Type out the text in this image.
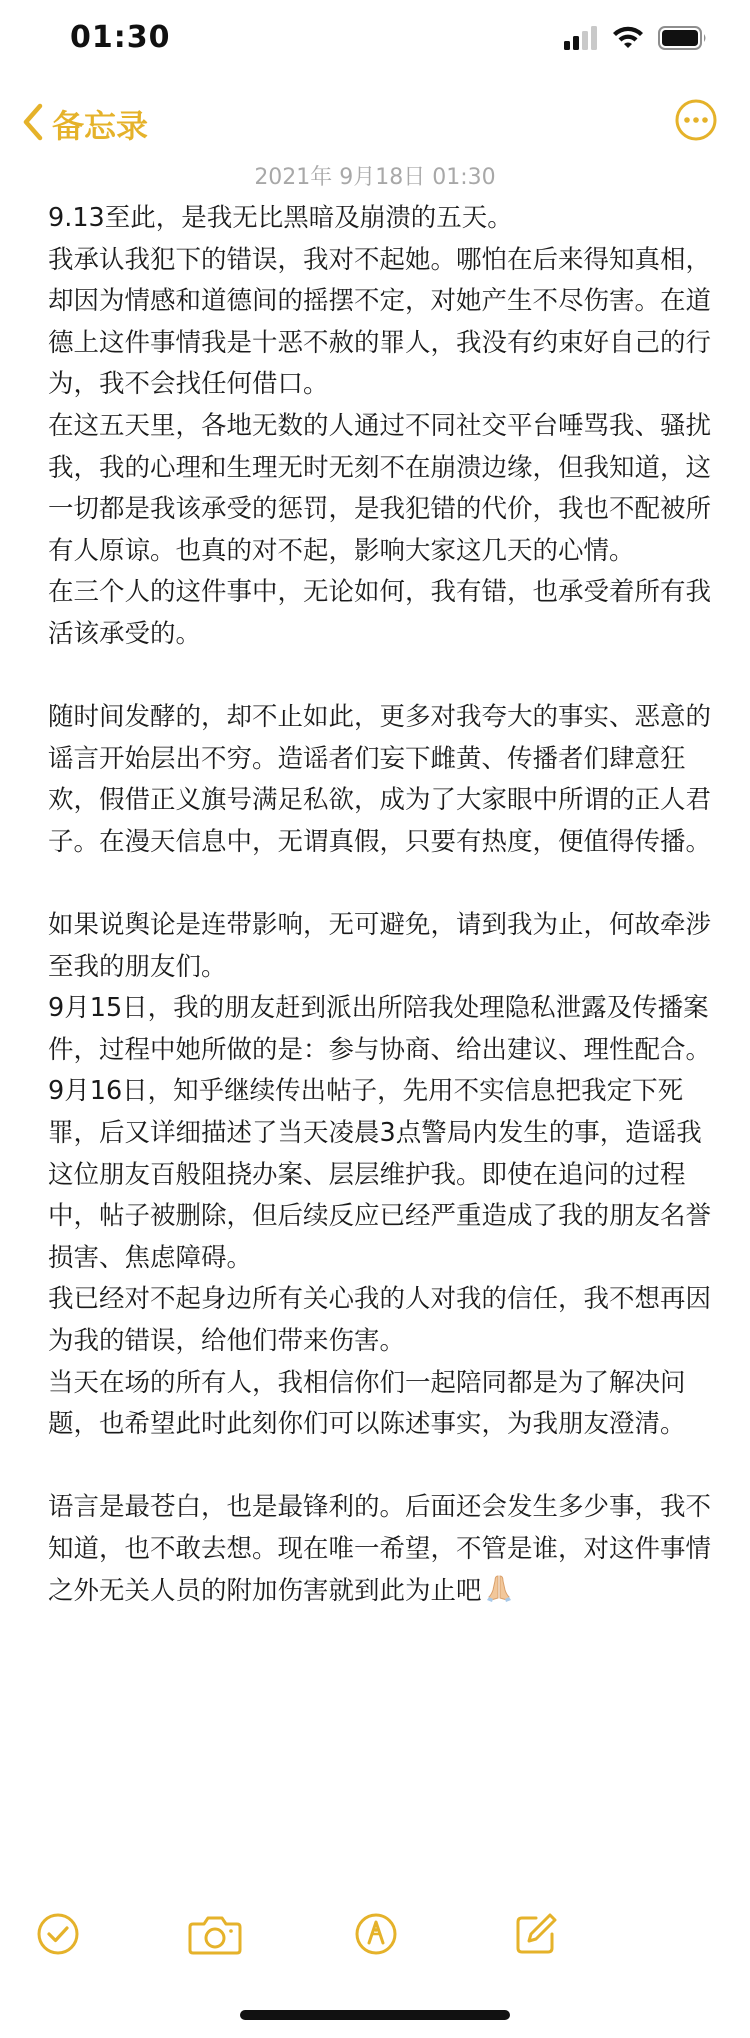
01:30
备忘录
2021年 9月18日 01:30

9.13至此，是我无比黑暗及崩溃的五天。

我承认我犯下的错误，我对不起她。哪怕在后来得知真相，却因为情感和道德间的摇摆不定，对她产生不尽伤害。在道德上这件事情我是十恶不赦的罪人，我没有约束好自己的行为，我不会找任何借口。

在这五天里，各地无数的人通过不同社交平台唾骂我、骚扰我，我的心理和生理无时无刻不在崩溃边缘，但我知道，这一切都是我该承受的惩罚，是我犯错的代价，我也不配被所有人原谅。也真的对不起，影响大家这几天的心情。

在三个人的这件事中，无论如何，我有错，也承受着所有我活该承受的。

随时间发酵的，却不止如此，更多对我夸大的事实、恶意的谣言开始层出不穷。造谣者们妄下雌黄、传播者们肆意狂欢，假借正义旗号满足私欲，成为了大家眼中所谓的正人君子。在漫天信息中，无谓真假，只要有热度，便值得传播。

如果说舆论是连带影响，无可避免，请到我为止，何故牵涉至我的朋友们。

9月15日，我的朋友赶到派出所陪我处理隐私泄露及传播案件，过程中她所做的是：参与协商、给出建议、理性配合。

9月16日，知乎继续传出帖子，先用不实信息把我定下死罪，后又详细描述了当天凌晨3点警局内发生的事，造谣我这位朋友百般阻挠办案、层层维护我。即使在追问的过程中，帖子被删除，但后续反应已经严重造成了我的朋友名誉损害、焦虑障碍。

我已经对不起身边所有关心我的人对我的信任，我不想再因为我的错误，给他们带来伤害。

当天在场的所有人，我相信你们一起陪同都是为了解决问题，也希望此时此刻你们可以陈述事实，为我朋友澄清。

语言是最苍白，也是最锋利的。后面还会发生多少事，我不知道，也不敢去想。现在唯一希望，不管是谁，对这件事情之外无关人员的附加伤害就到此为止吧
